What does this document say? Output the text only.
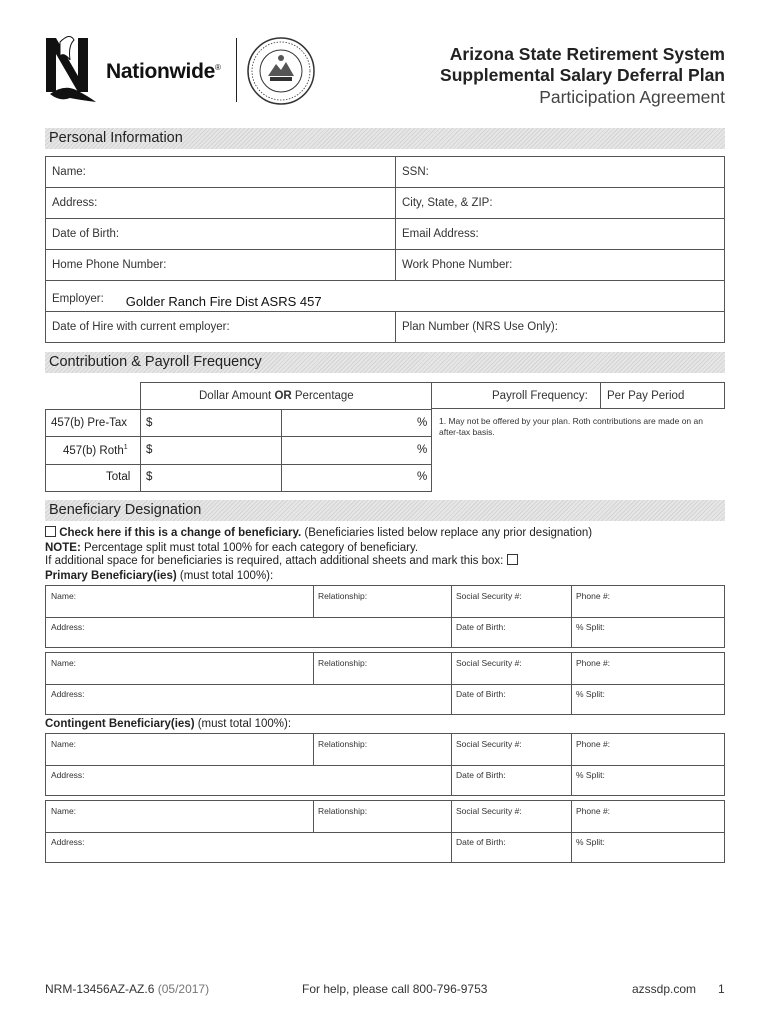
Nationwide®
Arizona State Retirement System
Supplemental Salary Deferral Plan
Participation Agreement
Personal Information
Name:	SSN:
Address:	City, State, & ZIP:
Date of Birth:	Email Address:
Home Phone Number:	Work Phone Number:
Employer: Golder Ranch Fire Dist ASRS 457	
Date of Hire with current employer:	Plan Number (NRS Use Only):
Contribution & Payroll Frequency
Dollar Amount OR Percentage	Payroll Frequency: Per Pay Period
457(b) Pre-Tax $	%
457(b) Roth$^1$ $	%
Total $	%
1. May not be offered by your plan. Roth contributions are made on an after-tax basis.
Beneficiary Designation
Check here if this is a change of beneficiary. (Beneficiaries listed below replace any prior designation)
NOTE: Percentage split must total 100% for each category of beneficiary.
If additional space for beneficiaries is required, attach additional sheets and mark this box:
Primary Beneficiary(ies) (must total 100%):
Name:	Relationship:	Social Security #:	Phone #:
Address:	Date of Birth:	% Split:
Name:	Relationship:	Social Security #:	Phone #:
Address:	Date of Birth:	% Split:
Contingent Beneficiary(ies) (must total 100%):
Name:	Relationship:	Social Security #:	Phone #:
Address:	Date of Birth:	% Split:
Name:	Relationship:	Social Security #:	Phone #:
Address:	Date of Birth:	% Split:
NRM-13456AZ-AZ.6 (05/2017)	For help, please call 800-796-9753	azssdp.com 1
